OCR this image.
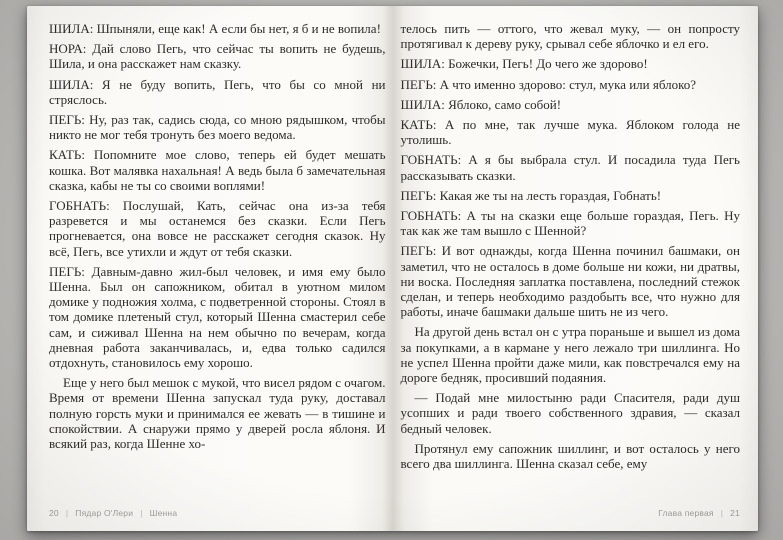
ШИЛА: Шпыняли, еще как! А если бы нет, я б и не вопила!

НОРА: Дай слово Пегь, что сейчас ты вопить не будешь, Шила, и она расскажет нам сказку.

ШИЛА: Я не буду вопить, Пегь, что бы со мной ни стряслось.

ПЕГЬ: Ну, раз так, садись сюда, со мною рядышком, чтобы никто не мог тебя тронуть без моего ведома.

КАТЬ: Попомните мое слово, теперь ей будет мешать кошка. Вот малявка нахальная! А ведь была б замечательная сказка, кабы не ты со своими воплями!

ГОБНАТЬ: Послушай, Кать, сейчас она из-за тебя разревется и мы останемся без сказки. Если Пегь прогневается, она вовсе не расскажет сегодня сказок. Ну всё, Пегь, все утихли и ждут от тебя сказки.

ПЕГЬ: Давным-давно жил-был человек, и имя ему было Шенна. Был он сапожником, обитал в уютном милом домике у подножия холма, с подветренной стороны. Стоял в том домике плетеный стул, который Шенна смастерил себе сам, и сиживал Шенна на нем обычно по вечерам, когда дневная работа заканчивалась, и, едва только садился отдохнуть, становилось ему хорошо.

Еще у него был мешок с мукой, что висел рядом с очагом. Время от времени Шенна запускал туда руку, доставал полную горсть муки и принимался ее жевать — в тишине и спокойствии. А снаружи прямо у дверей росла яблоня. И всякий раз, когда Шенне хо-

20 | Пядар О'Лери | Шенна

телось пить — оттого, что жевал муку, — он попросту протягивал к дереву руку, срывал себе яблочко и ел его.

ШИЛА: Божечки, Пегь! До чего же здорово!

ПЕГЬ: А что именно здорово: стул, мука или яблоко?

ШИЛА: Яблоко, само собой!

КАТЬ: А по мне, так лучше мука. Яблоком голода не утолишь.

ГОБНАТЬ: А я бы выбрала стул. И посадила туда Пегь рассказывать сказки.

ПЕГЬ: Какая же ты на лесть гораздая, Гобнать!

ГОБНАТЬ: А ты на сказки еще больше гораздая, Пегь. Ну так как же там вышло с Шенной?

ПЕГЬ: И вот однажды, когда Шенна починил башмаки, он заметил, что не осталось в доме больше ни кожи, ни дратвы, ни воска. Последняя заплатка поставлена, последний стежок сделан, и теперь необходимо раздобыть все, что нужно для работы, иначе башмаки дальше шить не из чего.

На другой день встал он с утра пораньше и вышел из дома за покупками, а в кармане у него лежало три шиллинга. Но не успел Шенна пройти даже мили, как повстречался ему на дороге бедняк, просивший подаяния.

— Подай мне милостыню ради Спасителя, ради душ усопших и ради твоего собственного здравия, — сказал бедный человек.

Протянул ему сапожник шиллинг, и вот осталось у него всего два шиллинга. Шенна сказал себе, ему

Глава первая | 21
